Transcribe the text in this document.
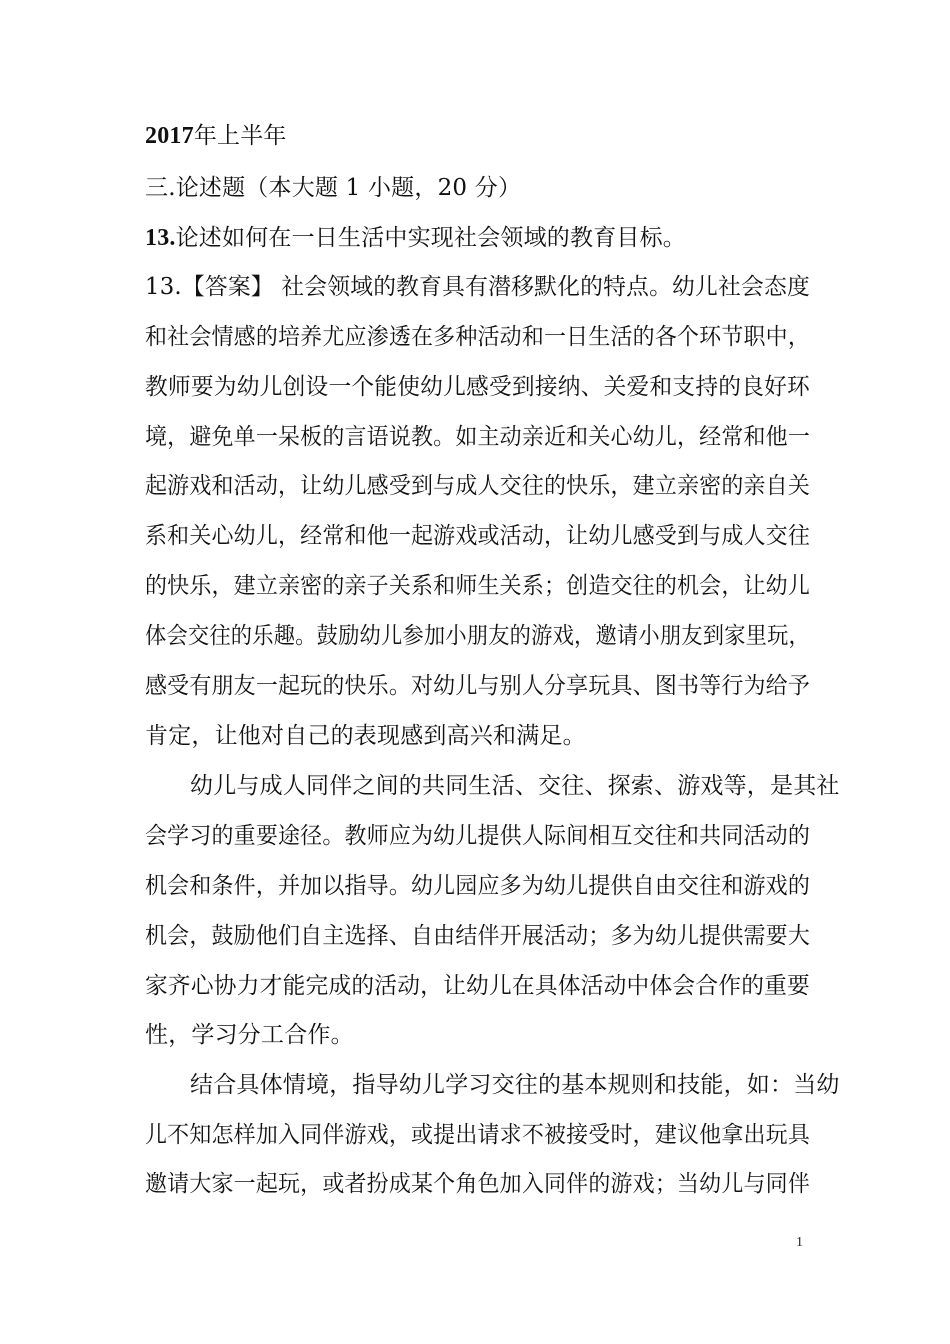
2017年上半年
三.论述题（本大题 1 小题，20 分）
13.论述如何在一日生活中实现社会领域的教育目标。
13.【答案】 社会领域的教育具有潜移默化的特点。幼儿社会态度
和社会情感的培养尤应渗透在多种活动和一日生活的各个环节职中，
教师要为幼儿创设一个能使幼儿感受到接纳、关爱和支持的良好环
境，避免单一呆板的言语说教。如主动亲近和关心幼儿，经常和他一
起游戏和活动，让幼儿感受到与成人交往的快乐，建立亲密的亲自关
系和关心幼儿，经常和他一起游戏或活动，让幼儿感受到与成人交往
的快乐，建立亲密的亲子关系和师生关系；创造交往的机会，让幼儿
体会交往的乐趣。鼓励幼儿参加小朋友的游戏，邀请小朋友到家里玩，
感受有朋友一起玩的快乐。对幼儿与别人分享玩具、图书等行为给予
肯定，让他对自己的表现感到高兴和满足。
幼儿与成人同伴之间的共同生活、交往、探索、游戏等，是其社
会学习的重要途径。教师应为幼儿提供人际间相互交往和共同活动的
机会和条件，并加以指导。幼儿园应多为幼儿提供自由交往和游戏的
机会，鼓励他们自主选择、自由结伴开展活动；多为幼儿提供需要大
家齐心协力才能完成的活动，让幼儿在具体活动中体会合作的重要
性，学习分工合作。
结合具体情境，指导幼儿学习交往的基本规则和技能，如：当幼
儿不知怎样加入同伴游戏，或提出请求不被接受时，建议他拿出玩具
邀请大家一起玩，或者扮成某个角色加入同伴的游戏；当幼儿与同伴
1
